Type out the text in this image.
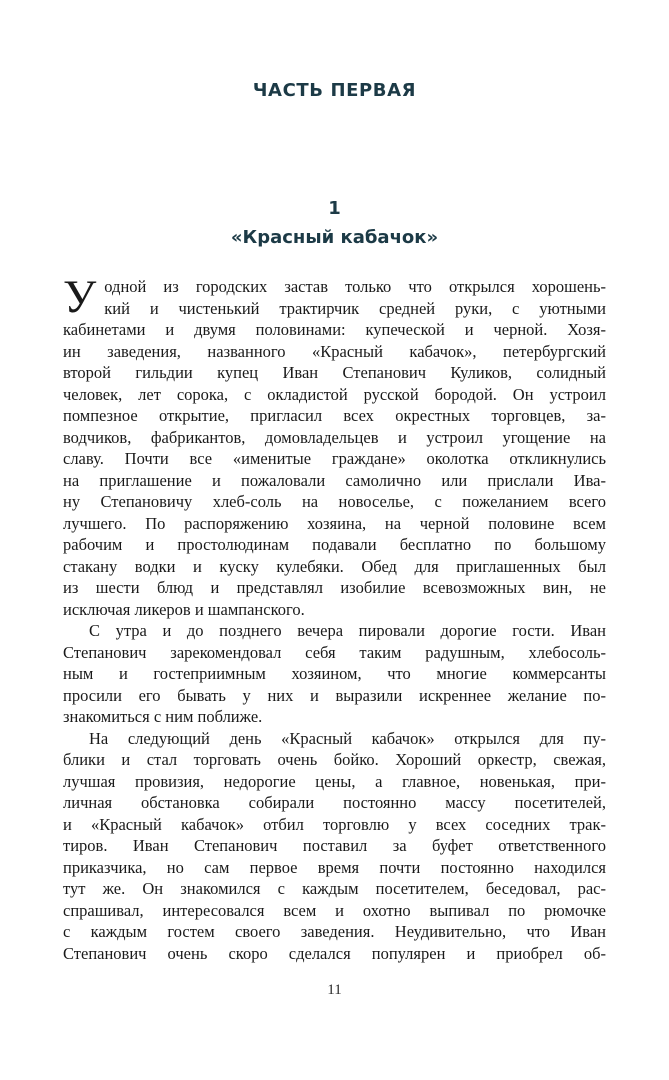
ЧАСТЬ ПЕРВАЯ
1
«Красный кабачок»
У одной из городских застав только что открылся хорошень-
кий и чистенький трактирчик средней руки, с уютными
кабинетами и двумя половинами: купеческой и черной. Хозя-
ин заведения, названного «Красный кабачок», петербургский
второй гильдии купец Иван Степанович Куликов, солидный
человек, лет сорока, с окладистой русской бородой. Он устроил
помпезное открытие, пригласил всех окрестных торговцев, за-
водчиков, фабрикантов, домовладельцев и устроил угощение на
славу. Почти все «именитые граждане» околотка откликнулись
на приглашение и пожаловали самолично или прислали Ива-
ну Степановичу хлеб-соль на новоселье, с пожеланием всего
лучшего. По распоряжению хозяина, на черной половине всем
рабочим и простолюдинам подавали бесплатно по большому
стакану водки и куску кулебяки. Обед для приглашенных был
из шести блюд и представлял изобилие всевозможных вин, не
исключая ликеров и шампанского.
С утра и до позднего вечера пировали дорогие гости. Иван
Степанович зарекомендовал себя таким радушным, хлебосоль-
ным и гостеприимным хозяином, что многие коммерсанты
просили его бывать у них и выразили искреннее желание по-
знакомиться с ним поближе.
На следующий день «Красный кабачок» открылся для пу-
блики и стал торговать очень бойко. Хороший оркестр, свежая,
лучшая провизия, недорогие цены, а главное, новенькая, при-
личная обстановка собирали постоянно массу посетителей,
и «Красный кабачок» отбил торговлю у всех соседних трак-
тиров. Иван Степанович поставил за буфет ответственного
приказчика, но сам первое время почти постоянно находился
тут же. Он знакомился с каждым посетителем, беседовал, рас-
спрашивал, интересовался всем и охотно выпивал по рюмочке
с каждым гостем своего заведения. Неудивительно, что Иван
Степанович очень скоро сделался популярен и приобрел об-
11
